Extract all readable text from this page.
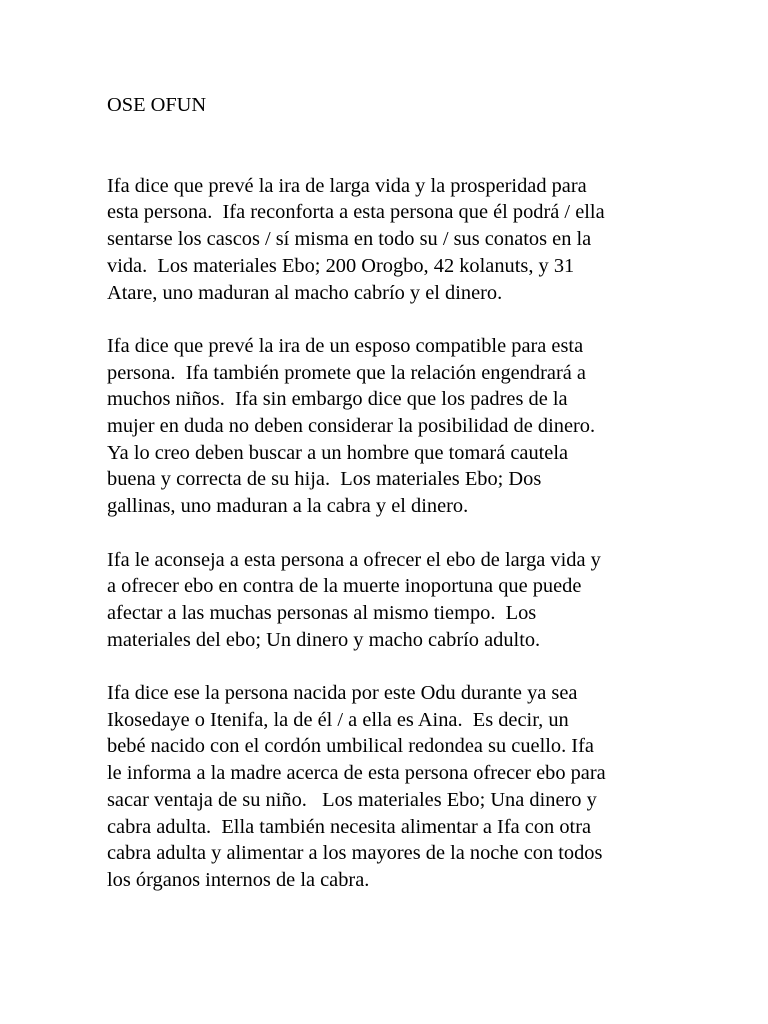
OSE OFUN
Ifa dice que prevé la ira de larga vida y la prosperidad para
esta persona.  Ifa reconforta a esta persona que él podrá / ella
sentarse los cascos / sí misma en todo su / sus conatos en la
vida.  Los materiales Ebo; 200 Orogbo, 42 kolanuts, y 31
Atare, uno maduran al macho cabrío y el dinero.
Ifa dice que prevé la ira de un esposo compatible para esta
persona.  Ifa también promete que la relación engendrará a
muchos niños.  Ifa sin embargo dice que los padres de la
mujer en duda no deben considerar la posibilidad de dinero.
Ya lo creo deben buscar a un hombre que tomará cautela
buena y correcta de su hija.  Los materiales Ebo; Dos
gallinas, uno maduran a la cabra y el dinero.
Ifa le aconseja a esta persona a ofrecer el ebo de larga vida y
a ofrecer ebo en contra de la muerte inoportuna que puede
afectar a las muchas personas al mismo tiempo.  Los
materiales del ebo; Un dinero y macho cabrío adulto.
Ifa dice ese la persona nacida por este Odu durante ya sea
Ikosedaye o Itenifa, la de él / a ella es Aina.  Es decir, un
bebé nacido con el cordón umbilical redondea su cuello. Ifa
le informa a la madre acerca de esta persona ofrecer ebo para
sacar ventaja de su niño.   Los materiales Ebo; Una dinero y
cabra adulta.  Ella también necesita alimentar a Ifa con otra
cabra adulta y alimentar a los mayores de la noche con todos
los órganos internos de la cabra.
